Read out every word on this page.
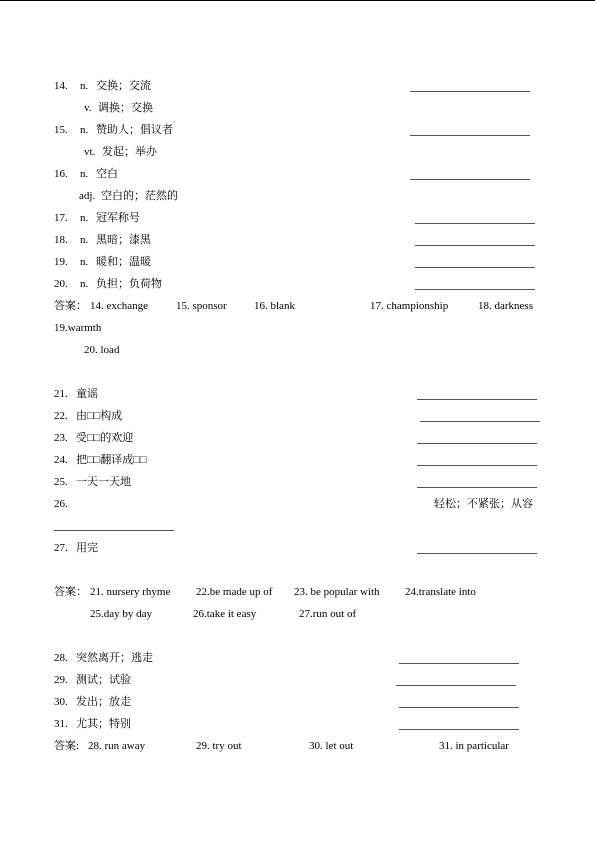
14. n. 交换；交流
v. 调换；交换
15. n. 赞助人；倡议者
vt. 发起；举办
16. n. 空白
adj. 空白的；茫然的
17. n. 冠军称号
18. n. 黑暗；漆黑
19. n. 暖和；温暖
20. n. 负担；负荷物
答案： 14. exchange	15. sponsor 16. blank	17. championship	18. darkness
19.warmth
20. load
21. 童谣
22. 由□□构成
23. 受□□的欢迎
24. 把□□翻译成□□
25. 一天一天地
26.	轻松；不紧张；从容
27. 用完
答案： 21. nursery rhyme 22.be made up of 23. be popular with 24.translate into
25.day by day	26.take it easy	27.run out of
28. 突然离开；逃走
29. 测试；试验
30. 发出；放走
31. 尤其；特别
答案: 28. run away	29. try out	30. let out	31. in particular
